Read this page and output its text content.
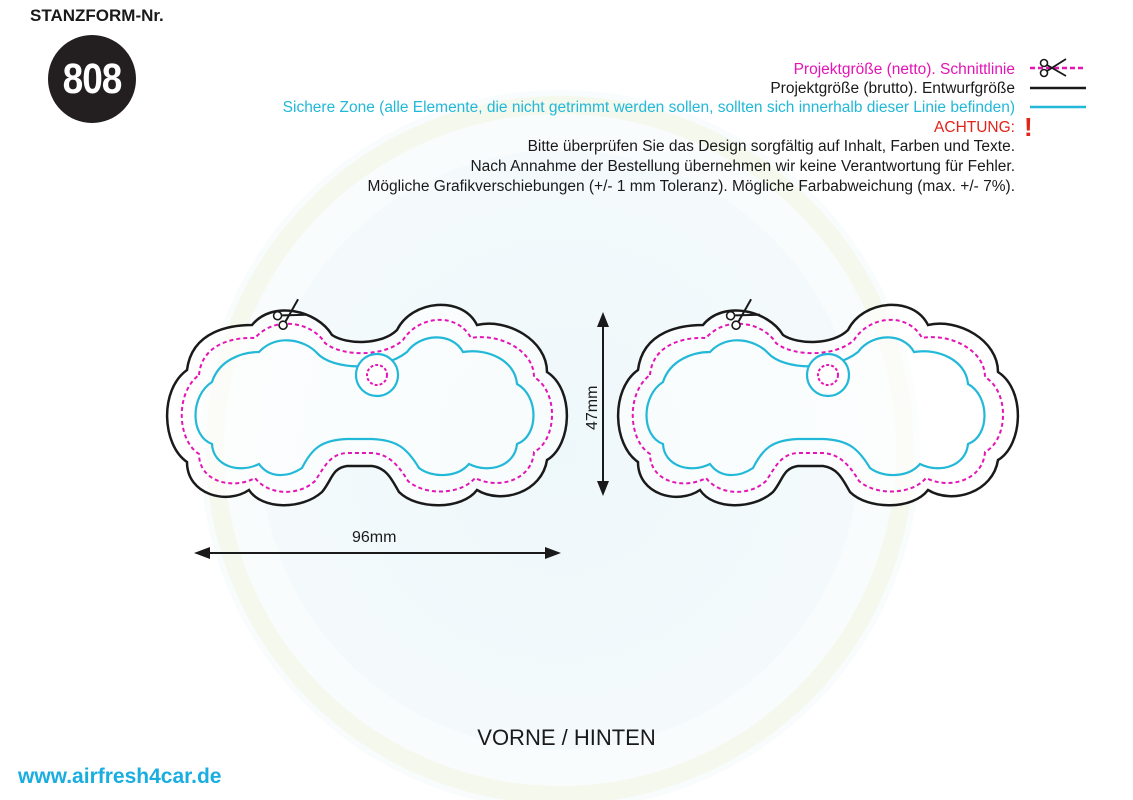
STANZFORM-Nr.
808	Projektgröße (netto). Schnittlinie
Projektgröße (brutto). Entwurfgröße
Sichere Zone (alle Elemente, die nicht getrimmt werden sollen, sollten sich innerhalb dieser Linie befinden)
ACHTUNG:
Bitte überprüfen Sie das Design sorgfältig auf Inhalt, Farben und Texte.
Nach Annahme der Bestellung übernehmen wir keine Verantwortung für Fehler.
Mögliche Grafikverschiebungen (+/- 1 mm Toleranz). Mögliche Farbabweichung (max. +/- 7%).
!
96mm
47mm
VORNE / HINTEN
www.airfresh4car.de
